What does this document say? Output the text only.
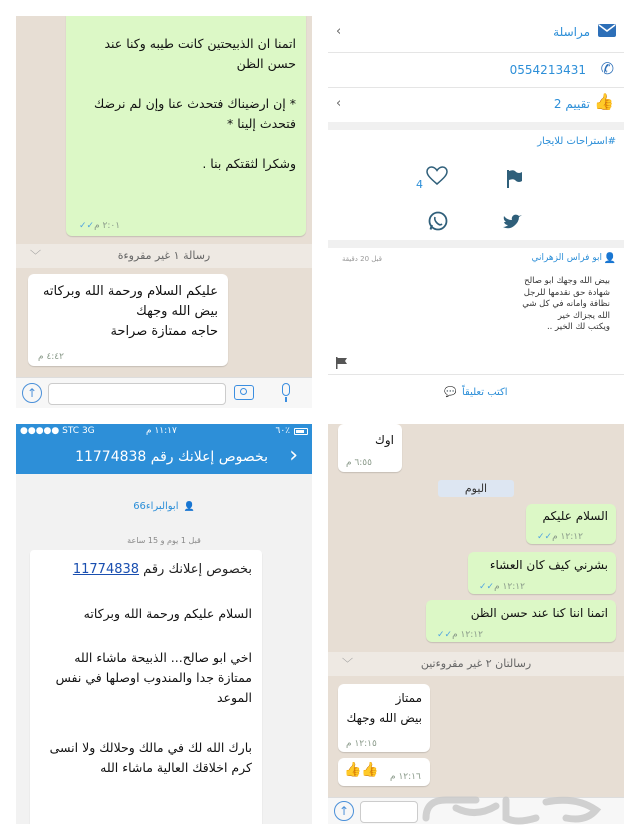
اتمنا ان الذبيحتين كانت طيبه وكنا عند
حسن الظن

* إن ارضيناك فتحدث عنا وإن لم نرضك
فتحدث إلينا *

وشكرا لثقتكم بنا .
٢:٠١ م✓✓
رسالة ١ غير مقروءة
﹀
عليكم السلام ورحمة الله وبركاته
بيض الله وجهك
حاجه ممتازة صراحة
٤:٤٢ م
↑
‹	مراسلة
0554213431 ✆
‹	2 تقييم 👍
#استراحات للايجار
4
👤
ابو فراس الزهراني
قبل 20 دقيقة
بيض الله وجهك ابو صالح
شهادة حق نقدمها للرجل
نظافة وامانه في كل شي
الله يجزاك خير
ويكتب لك الخير ..
اكتب تعليقاً 💬
●●●●● STC 3G	١١:١٧ م	٦٠٪
›
بخصوص إعلانك رقم 11774838
ابوالبراء66 👤
قبل 1 يوم و 15 ساعة
بخصوص إعلانك رقم 11774838
السلام عليكم ورحمة الله وبركاته
اخي ابو صالح... الذبيحة ماشاء الله
ممتازة جدا والمندوب اوصلها في نفس
الموعد
بارك الله لك في مالك وحلالك ولا انسى
كرم اخلاقك العالية ماشاء الله
اوك
٦:٥٥ م
اليوم
السلام عليكم
١٢:١٢ م✓✓
بشرني كيف كان العشاء
١٢:١٢ م✓✓
اتمنا اننا كنا عند حسن الظن
١٢:١٢ م✓✓
رسالتان ٢ غير مقروءتين
﹀
ممتاز
بيض الله وجهك
١٢:١٥ م
👍👍 ١٢:١٦ م
↑
